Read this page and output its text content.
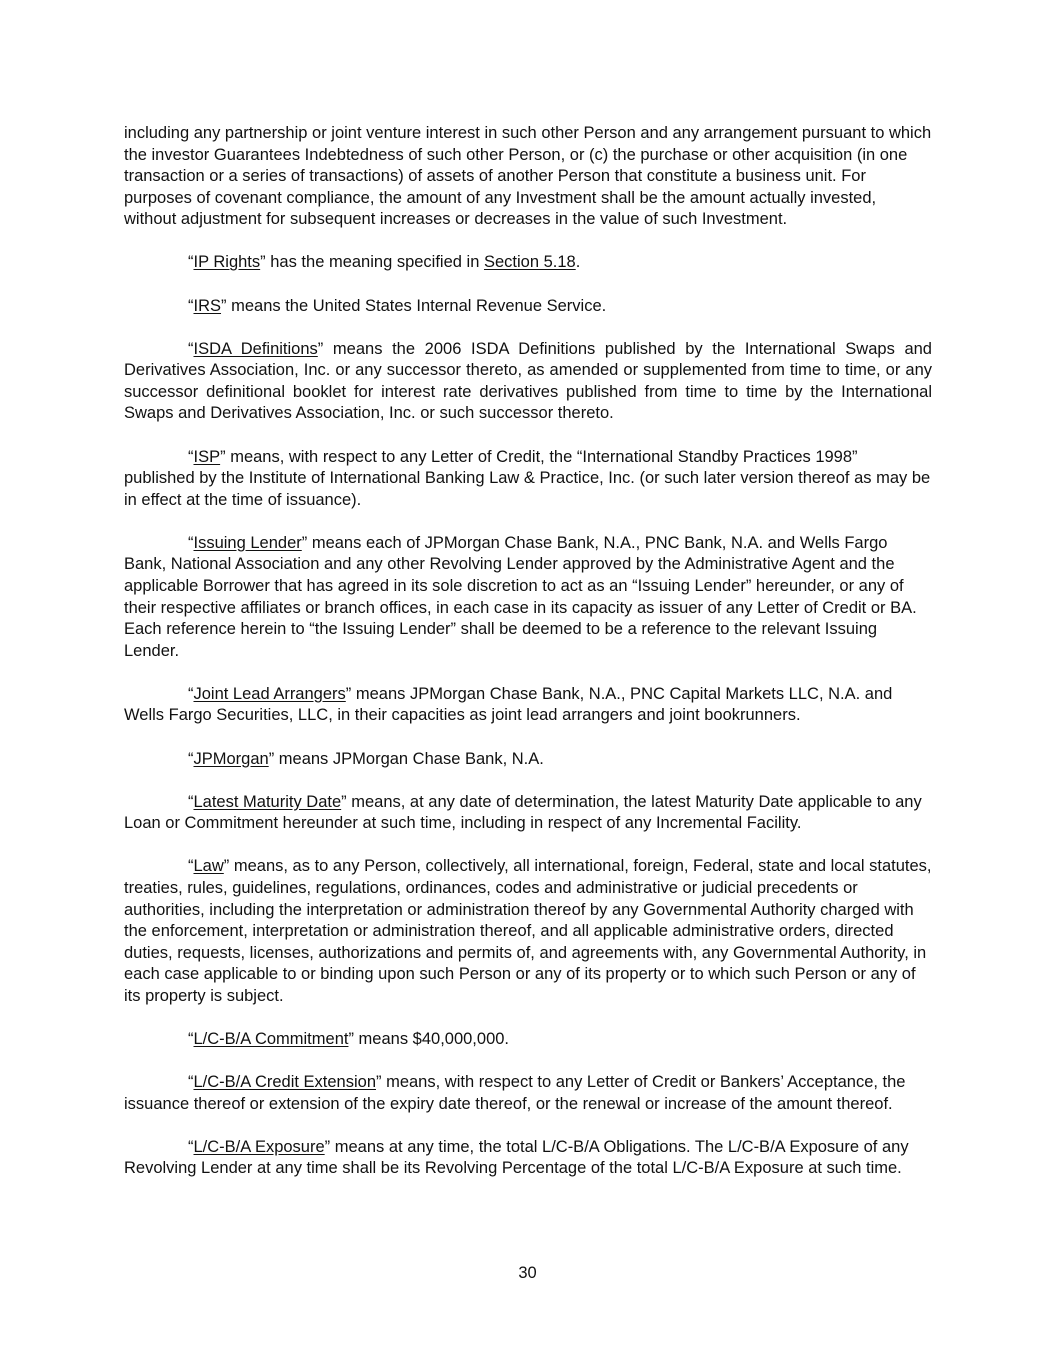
including any partnership or joint venture interest in such other Person and any arrangement pursuant to which the investor Guarantees Indebtedness of such other Person, or (c) the purchase or other acquisition (in one transaction or a series of transactions) of assets of another Person that constitute a business unit. For purposes of covenant compliance, the amount of any Investment shall be the amount actually invested, without adjustment for subsequent increases or decreases in the value of such Investment.

“IP Rights” has the meaning specified in Section 5.18.

“IRS” means the United States Internal Revenue Service.

“ISDA Definitions” means the 2006 ISDA Definitions published by the International Swaps and Derivatives Association, Inc. or any successor thereto, as amended or supplemented from time to time, or any successor definitional booklet for interest rate derivatives published from time to time by the International Swaps and Derivatives Association, Inc. or such successor thereto.

“ISP” means, with respect to any Letter of Credit, the “International Standby Practices 1998” published by the Institute of International Banking Law & Practice, Inc. (or such later version thereof as may be in effect at the time of issuance).

“Issuing Lender” means each of JPMorgan Chase Bank, N.A., PNC Bank, N.A. and Wells Fargo Bank, National Association and any other Revolving Lender approved by the Administrative Agent and the applicable Borrower that has agreed in its sole discretion to act as an “Issuing Lender” hereunder, or any of their respective affiliates or branch offices, in each case in its capacity as issuer of any Letter of Credit or BA. Each reference herein to “the Issuing Lender” shall be deemed to be a reference to the relevant Issuing Lender.

“Joint Lead Arrangers” means JPMorgan Chase Bank, N.A., PNC Capital Markets LLC, N.A. and Wells Fargo Securities, LLC, in their capacities as joint lead arrangers and joint bookrunners.

“JPMorgan” means JPMorgan Chase Bank, N.A.

“Latest Maturity Date” means, at any date of determination, the latest Maturity Date applicable to any Loan or Commitment hereunder at such time, including in respect of any Incremental Facility.

“Law” means, as to any Person, collectively, all international, foreign, Federal, state and local statutes, treaties, rules, guidelines, regulations, ordinances, codes and administrative or judicial precedents or authorities, including the interpretation or administration thereof by any Governmental Authority charged with the enforcement, interpretation or administration thereof, and all applicable administrative orders, directed duties, requests, licenses, authorizations and permits of, and agreements with, any Governmental Authority, in each case applicable to or binding upon such Person or any of its property or to which such Person or any of its property is subject.

“L/C-B/A Commitment” means $40,000,000.

“L/C-B/A Credit Extension” means, with respect to any Letter of Credit or Bankers’ Acceptance, the issuance thereof or extension of the expiry date thereof, or the renewal or increase of the amount thereof.

“L/C-B/A Exposure” means at any time, the total L/C-B/A Obligations. The L/C-B/A Exposure of any Revolving Lender at any time shall be its Revolving Percentage of the total L/C-B/A Exposure at such time.

30
